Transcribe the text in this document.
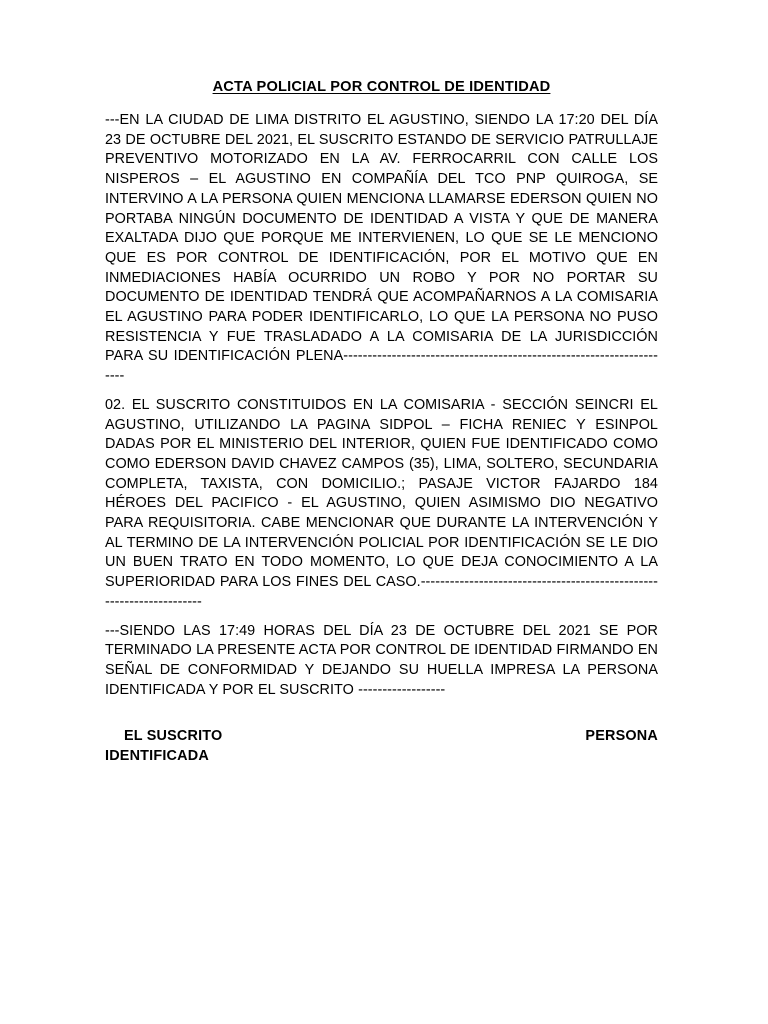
ACTA POLICIAL POR CONTROL DE IDENTIDAD

---EN LA CIUDAD DE LIMA DISTRITO EL AGUSTINO, SIENDO LA 17:20 DEL DÍA 23 DE OCTUBRE DEL 2021, EL SUSCRITO ESTANDO DE SERVICIO PATRULLAJE PREVENTIVO MOTORIZADO EN LA AV. FERROCARRIL CON CALLE LOS NISPEROS – EL AGUSTINO EN COMPAÑÍA DEL TCO PNP QUIROGA, SE INTERVINO A LA PERSONA QUIEN MENCIONA LLAMARSE EDERSON QUIEN NO PORTABA NINGÚN DOCUMENTO DE IDENTIDAD A VISTA Y QUE DE MANERA EXALTADA DIJO QUE PORQUE ME INTERVIENEN, LO QUE SE LE MENCIONO QUE ES POR CONTROL DE IDENTIFICACIÓN, POR EL MOTIVO QUE EN INMEDIACIONES HABÍA OCURRIDO UN ROBO Y POR NO PORTAR SU DOCUMENTO DE IDENTIDAD TENDRÁ QUE ACOMPAÑARNOS A LA COMISARIA EL AGUSTINO PARA PODER IDENTIFICARLO, LO QUE LA PERSONA NO PUSO RESISTENCIA Y FUE TRASLADADO A LA COMISARIA DE LA JURISDICCIÓN PARA SU IDENTIFICACIÓN PLENA---------------------------------------------------------------------

02. EL SUSCRITO CONSTITUIDOS EN LA COMISARIA - SECCIÓN SEINCRI EL AGUSTINO, UTILIZANDO LA PAGINA SIDPOL – FICHA RENIEC Y ESINPOL DADAS POR EL MINISTERIO DEL INTERIOR, QUIEN FUE IDENTIFICADO COMO COMO EDERSON DAVID CHAVEZ CAMPOS (35), LIMA, SOLTERO, SECUNDARIA COMPLETA, TAXISTA, CON DOMICILIO.; PASAJE VICTOR FAJARDO 184 HÉROES DEL PACIFICO - EL AGUSTINO, QUIEN ASIMISMO DIO NEGATIVO PARA REQUISITORIA. CABE MENCIONAR QUE DURANTE LA INTERVENCIÓN Y AL TERMINO DE LA INTERVENCIÓN POLICIAL POR IDENTIFICACIÓN SE LE DIO UN BUEN TRATO EN TODO MOMENTO, LO QUE DEJA CONOCIMIENTO A LA SUPERIORIDAD PARA LOS FINES DEL CASO.---------------------------------------------------------------------

---SIENDO LAS 17:49 HORAS DEL DÍA 23 DE OCTUBRE DEL 2021 SE POR TERMINADO LA PRESENTE ACTA POR CONTROL DE IDENTIDAD FIRMANDO EN SEÑAL DE CONFORMIDAD Y DEJANDO SU HUELLA IMPRESA LA PERSONA IDENTIFICADA Y POR EL SUSCRITO ------------------

EL SUSCRITO	PERSONA
IDENTIFICADA
